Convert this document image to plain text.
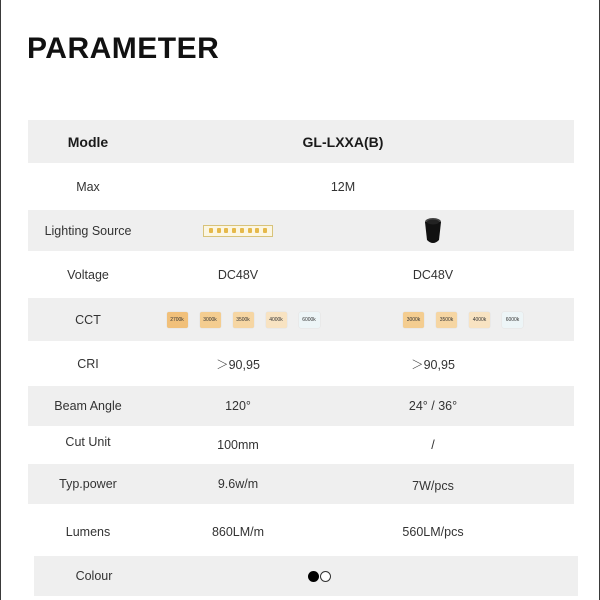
PARAMETER
Modle	GL-LXXA(B)
Max	12M
Lighting Source
Voltage	DC48V	DC48V
CCT	2700k	3000k	3500k	4000k	6000k	3000k	3500k	4000k	6000k
CRI	＞90,95	＞90,95
Beam Angle	120°	24° / 36°
Cut Unit	100mm	/
Typ.power	9.6w/m	7W/pcs
Lumens	860LM/m	560LM/pcs
Colour
